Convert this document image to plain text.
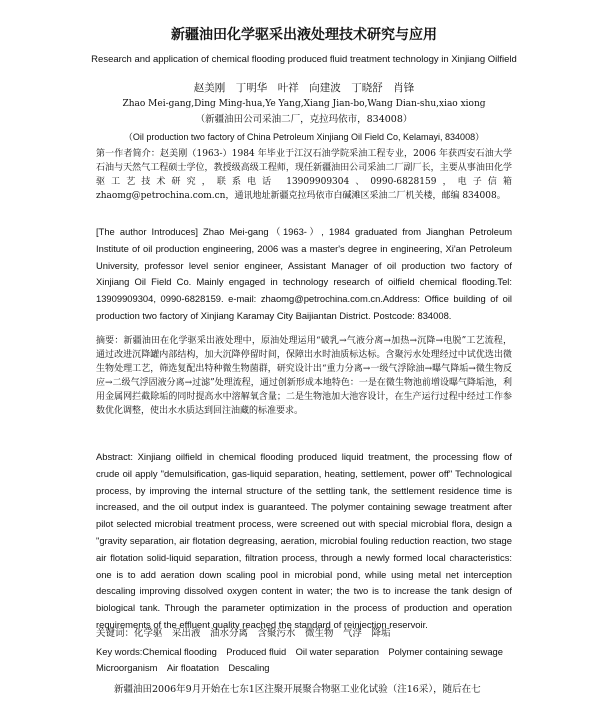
新疆油田化学驱采出液处理技术研究与应用

Research and application of chemical flooding produced fluid treatment technology in Xinjiang Oilfield

赵美刚　丁明华　叶祥　向建波　丁晓舒　肖锋

Zhao Mei-gang,Ding Ming-hua,Ye Yang,Xiang Jian-bo,Wang Dian-shu,xiao xiong

（新疆油田公司采油二厂，克拉玛依市，834008）

（Oil production two factory of China Petroleum Xinjiang Oil Field Co, Kelamayi, 834008）

第一作者简介：赵美刚（1963-）1984 年毕业于江汉石油学院采油工程专业，2006 年获西安石油大学石油与天然气工程硕士学位，教授级高级工程师，现任新疆油田公司采油二厂副厂长，主要从事油田化学驱工艺技术研究，联系电话 13909909304、0990-6828159，电子信箱 zhaomg@petrochina.com.cn，通讯地址新疆克拉玛依市白碱滩区采油二厂机关楼，邮编 834008。

[The author Introduces] Zhao Mei-gang（1963-）, 1984 graduated from Jianghan Petroleum Institute of oil production engineering, 2006 was a master's degree in engineering, Xi'an Petroleum University, professor level senior engineer, Assistant Manager of oil production two factory of Xinjiang Oil Field Co. Mainly engaged in technology research of oilfield chemical flooding.Tel: 13909909304, 0990-6828159. e-mail: zhaomg@petrochina.com.cn.Address: Office building of oil production two factory of Xinjiang Karamay City Baijiantan District. Postcode: 834008.

摘要：新疆油田在化学驱采出液处理中，原油处理运用“破乳→气液分离→加热→沉降→电脱”工艺流程，通过改进沉降罐内部结构，加大沉降停留时间，保障出水时油质标达标。含聚污水处理经过中试优选出微生物处理工艺，筛选复配出特种微生物菌群，研究设计出“重力分离→一级气浮除油→曝气降垢→微生物反应→二级气浮固液分离→过滤”处理流程，通过创新形成本地特色：一是在微生物池前增设曝气降垢池，利用金属网拦截除垢的同时提高水中溶解氧含量；二是生物池加大池容设计，在生产运行过程中经过工作参数优化调整，使出水水质达到回注油藏的标准要求。

Abstract: Xinjiang oilfield in chemical flooding produced liquid treatment, the processing flow of crude oil apply "demulsification, gas-liquid separation, heating, settlement, power off" Technological process, by improving the internal structure of the settling tank, the settlement residence time is increased, and the oil output index is guaranteed. The polymer containing sewage treatment after pilot selected microbial treatment process, were screened out with special microbial flora, design a "gravity separation, air flotation degreasing, aeration, microbial fouling reduction reaction, two stage air flotation solid-liquid separation, filtration process, through a newly formed local characteristics: one is to add aeration down scaling pool in microbial pond, while using metal net interception descaling improving dissolved oxygen content in water; the two is to increase the tank design of biological tank. Through the parameter optimization in the process of production and operation requirements of the effluent quality reached the standard of reinjection reservoir.

关键词：化学驱　采出液　油水分离　含聚污水　微生物　气浮　降垢

Key words:Chemical flooding　Produced fluid　Oil water separation　Polymer containing sewage　Microorganism　Air floatation　Descaling

新疆油田2006年9月开始在七东1区注聚开展聚合物驱工业化试验（注16采），随后在七
